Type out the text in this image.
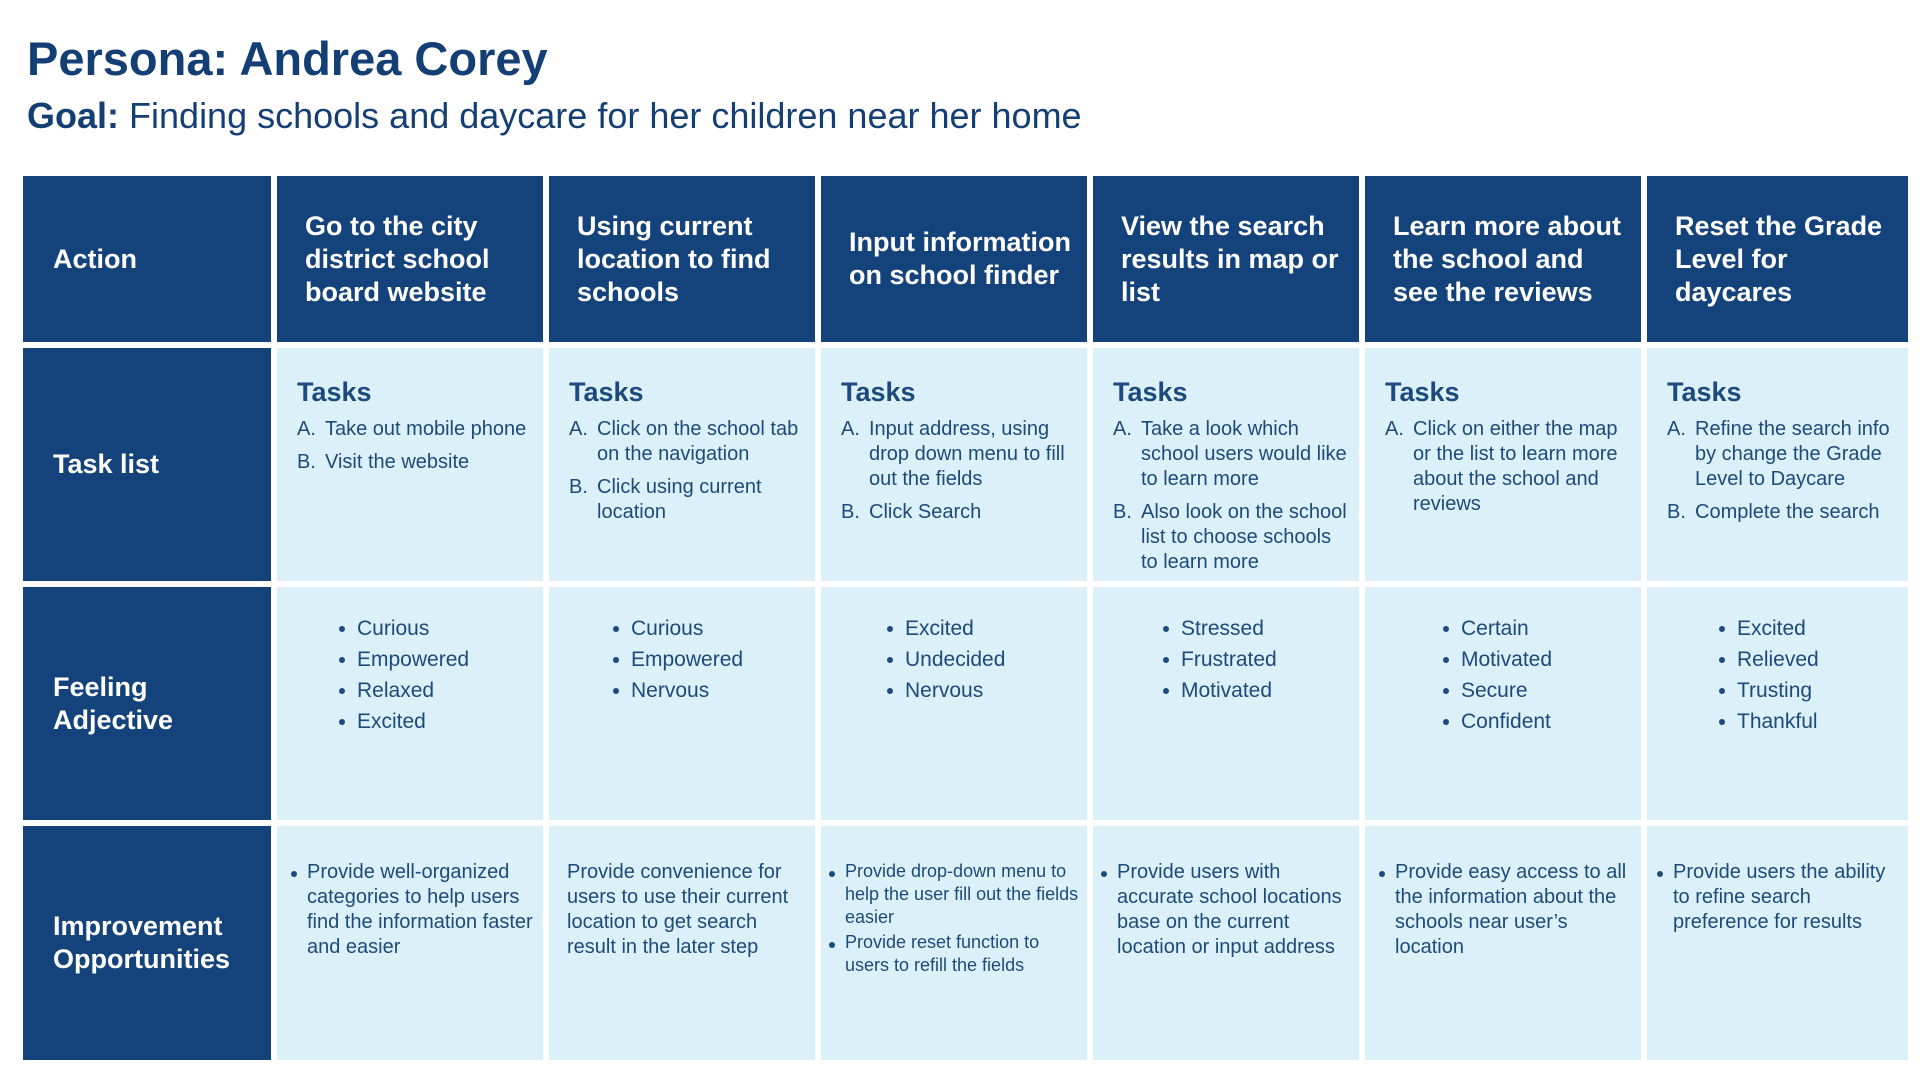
Persona: Andrea Corey

Goal: Finding schools and daycare for her children near her home

Action
Go to the city district school board website
Using current location to find schools
Input information on school finder
View the search results in map or list
Learn more about the school and see the reviews
Reset the Grade Level for daycares
Task list
Tasks
A. Take out mobile phone
B. Visit the website
Tasks
A. Click on the school tab on the navigation
B. Click using current location
Tasks
A. Input address, using drop down menu to fill out the fields
B. Click Search
Tasks
A. Take a look which school users would like to learn more
B. Also look on the school list to choose schools to learn more
Tasks
A. Click on either the map or the list to learn more about the school and reviews
Tasks
A. Refine the search info by change the Grade Level to Daycare
B. Complete the search
Feeling Adjective
Curious
Empowered
Relaxed
Excited
Curious
Empowered
Nervous
Excited
Undecided
Nervous
Stressed
Frustrated
Motivated
Certain
Motivated
Secure
Confident
Excited
Relieved
Trusting
Thankful
Improvement Opportunities
Provide well-organized categories to help users find the information faster and easier
Provide convenience for users to use their current location to get search result in the later step
Provide drop-down menu to help the user fill out the fields easier
Provide reset function to users to refill the fields
Provide users with accurate school locations base on the current location or input address
Provide easy access to all the information about the schools near user’s location
Provide users the ability to refine search preference for results
